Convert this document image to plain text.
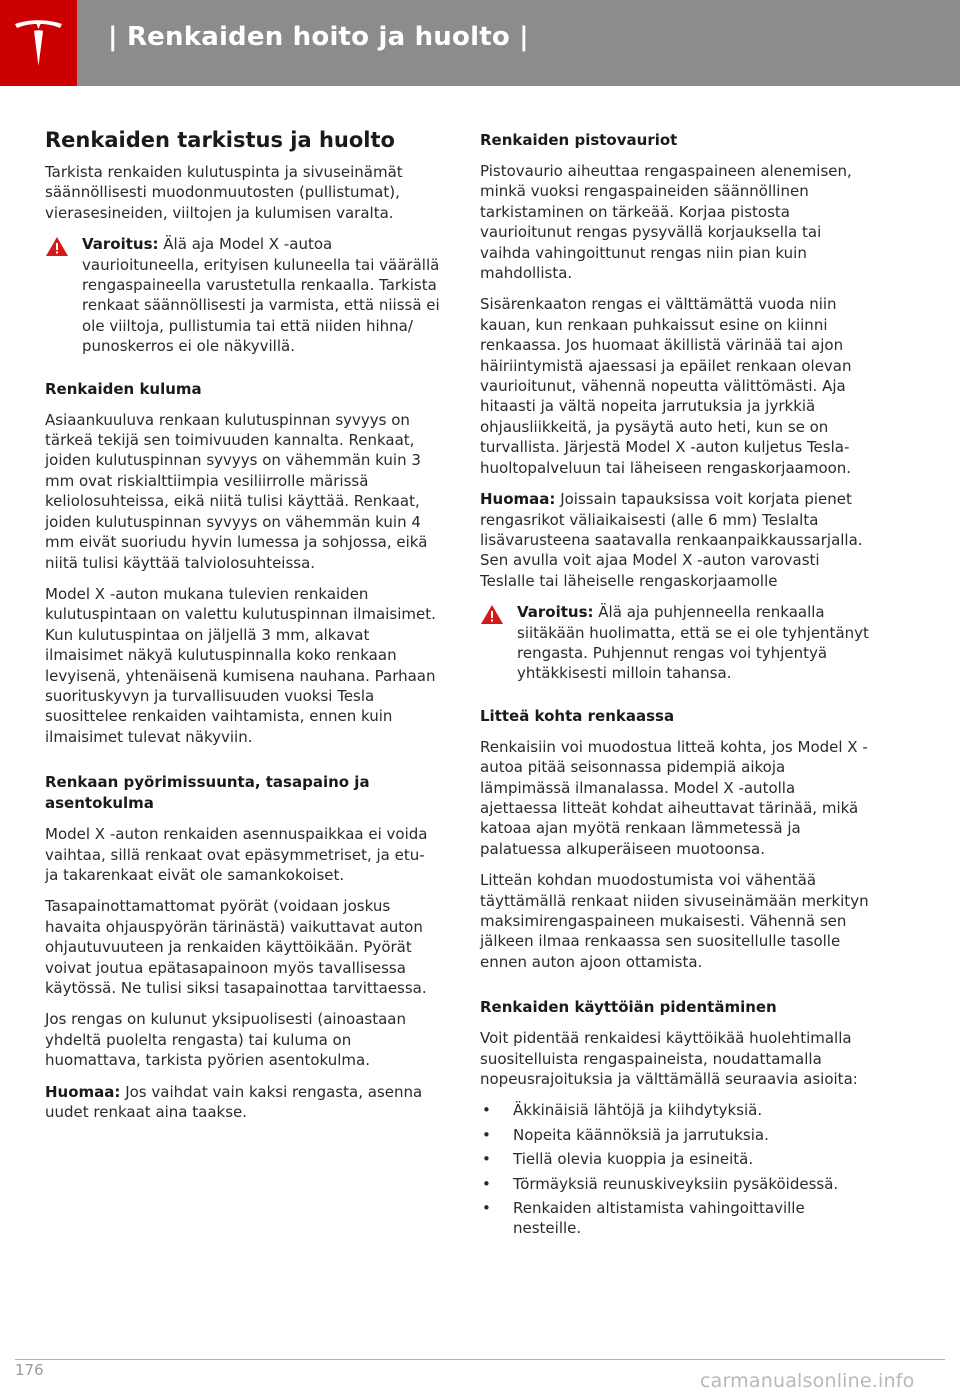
| Renkaiden hoito ja huolto |
Renkaiden tarkistus ja huolto

Tarkista renkaiden kulutuspinta ja sivuseinämät säännöllisesti muodonmuutosten (pullistumat), vierasesineiden, viiltojen ja kulumisen varalta.

Varoitus: Älä aja Model X -autoa vaurioituneella, erityisen kuluneella tai väärällä rengaspaineella varustetulla renkaalla. Tarkista renkaat säännöllisesti ja varmista, että niissä ei ole viiltoja, pullistumia tai että niiden hihna/ punoskerros ei ole näkyvillä.

Renkaiden kuluma

Asiaankuuluva renkaan kulutuspinnan syvyys on tärkeä tekijä sen toimivuuden kannalta. Renkaat, joiden kulutuspinnan syvyys on vähemmän kuin 3 mm ovat riskialttiimpia vesiliirrolle märissä keliolosuhteissa, eikä niitä tulisi käyttää. Renkaat, joiden kulutuspinnan syvyys on vähemmän kuin 4 mm eivät suoriudu hyvin lumessa ja sohjossa, eikä niitä tulisi käyttää talviolosuhteissa.

Model X -auton mukana tulevien renkaiden kulutuspintaan on valettu kulutuspinnan ilmaisimet. Kun kulutuspintaa on jäljellä 3 mm, alkavat ilmaisimet näkyä kulutuspinnalla koko renkaan levyisenä, yhtenäisenä kumisena nauhana. Parhaan suorituskyvyn ja turvallisuuden vuoksi Tesla suosittelee renkaiden vaihtamista, ennen kuin ilmaisimet tulevat näkyviin.

Renkaan pyörimissuunta, tasapaino ja asentokulma

Model X -auton renkaiden asennuspaikkaa ei voida vaihtaa, sillä renkaat ovat epäsymmetriset, ja etu- ja takarenkaat eivät ole samankokoiset.

Tasapainottamattomat pyörät (voidaan joskus havaita ohjauspyörän tärinästä) vaikuttavat auton ohjautuvuuteen ja renkaiden käyttöikään. Pyörät voivat joutua epätasapainoon myös tavallisessa käytössä. Ne tulisi siksi tasapainottaa tarvittaessa.

Jos rengas on kulunut yksipuolisesti (ainoastaan yhdeltä puolelta rengasta) tai kuluma on huomattava, tarkista pyörien asentokulma.

Huomaa: Jos vaihdat vain kaksi rengasta, asenna uudet renkaat aina taakse.

Renkaiden pistovauriot

Pistovaurio aiheuttaa rengaspaineen alenemisen, minkä vuoksi rengaspaineiden säännöllinen tarkistaminen on tärkeää. Korjaa pistosta vaurioitunut rengas pysyvällä korjauksella tai vaihda vahingoittunut rengas niin pian kuin mahdollista.

Sisärenkaaton rengas ei välttämättä vuoda niin kauan, kun renkaan puhkaissut esine on kiinni renkaassa. Jos huomaat äkillistä värinää tai ajon häiriintymistä ajaessasi ja epäilet renkaan olevan vaurioitunut, vähennä nopeutta välittömästi. Aja hitaasti ja vältä nopeita jarrutuksia ja jyrkkiä ohjausliikkeitä, ja pysäytä auto heti, kun se on turvallista. Järjestä Model X -auton kuljetus Tesla-huoltopalveluun tai läheiseen rengaskorjaamoon.

Huomaa: Joissain tapauksissa voit korjata pienet rengasrikot väliaikaisesti (alle 6 mm) Teslalta lisävarusteena saatavalla renkaanpaikkaussarjalla. Sen avulla voit ajaa Model X -auton varovasti Teslalle tai läheiselle rengaskorjaamolle

Varoitus: Älä aja puhjenneella renkaalla siitäkään huolimatta, että se ei ole tyhjentänyt rengasta. Puhjennut rengas voi tyhjentyä yhtäkkisesti milloin tahansa.

Litteä kohta renkaassa

Renkaisiin voi muodostua litteä kohta, jos Model X -autoa pitää seisonnassa pidempiä aikoja lämpimässä ilmanalassa. Model X -autolla ajettaessa litteät kohdat aiheuttavat tärinää, mikä katoaa ajan myötä renkaan lämmetessä ja palatuessa alkuperäiseen muotoonsa.

Litteän kohdan muodostumista voi vähentää täyttämällä renkaat niiden sivuseinämään merkityn maksimirengaspaineen mukaisesti. Vähennä sen jälkeen ilmaa renkaassa sen suositellulle tasolle ennen auton ajoon ottamista.

Renkaiden käyttöiän pidentäminen

Voit pidentää renkaidesi käyttöikää huolehtimalla suositelluista rengaspaineista, noudattamalla nopeusrajoituksia ja välttämällä seuraavia asioita:

• Äkkinäisiä lähtöjä ja kiihdytyksiä.
• Nopeita käännöksiä ja jarrutuksia.
• Tiellä olevia kuoppia ja esineitä.
• Törmäyksiä reunuskiveyksiin pysäköidessä.
• Renkaiden altistamista vahingoittaville nesteille.
176	carmanualsonline.info
